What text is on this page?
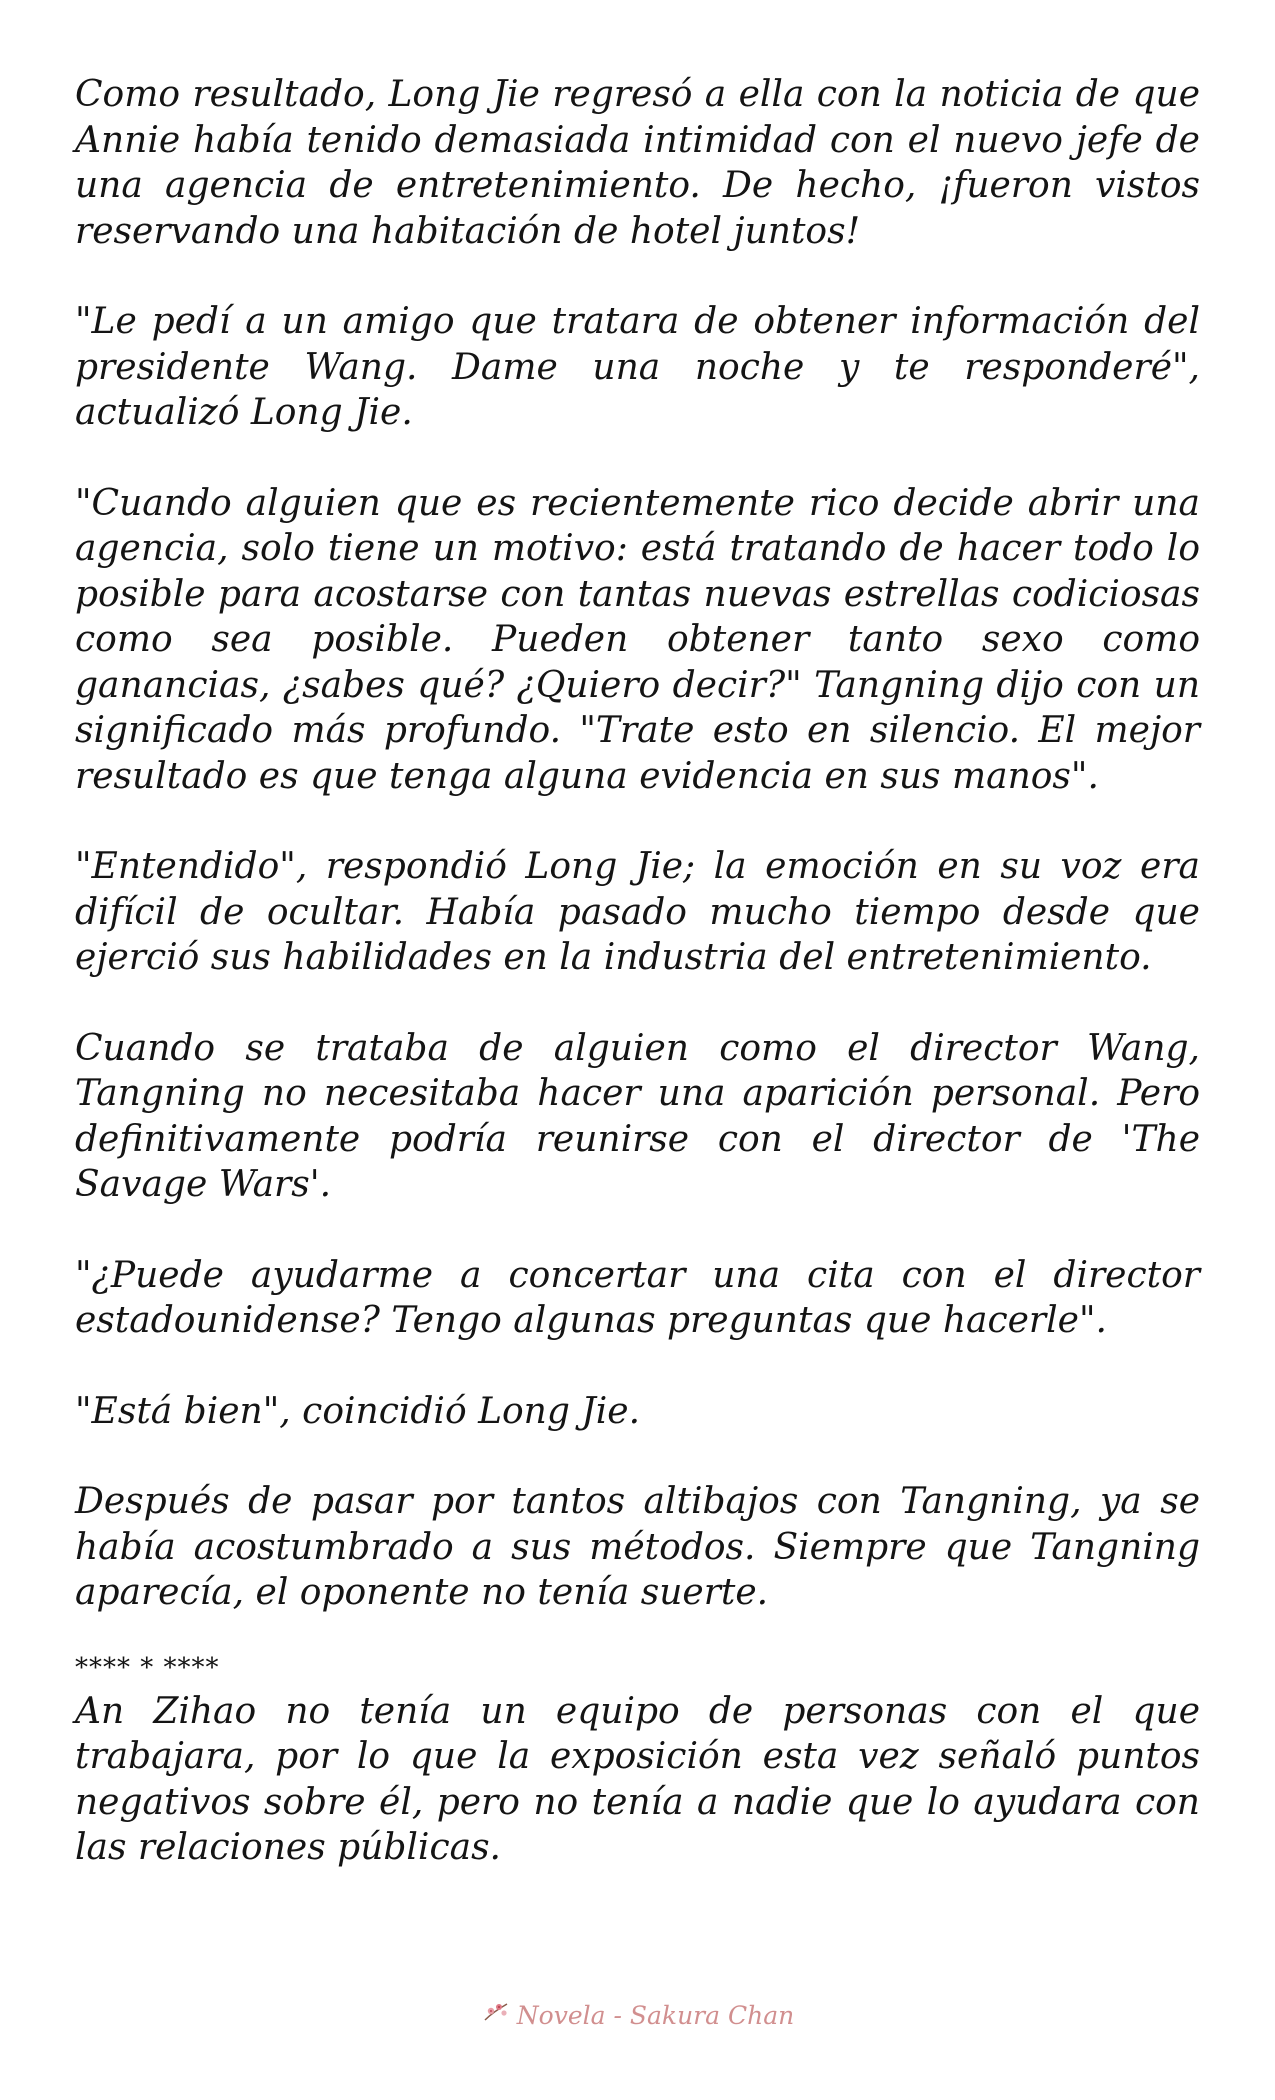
Como resultado, Long Jie regresó a ella con la noticia de que Annie había tenido demasiada intimidad con el nuevo jefe de una agencia de entretenimiento. De hecho, ¡fueron vistos reservando una habitación de hotel juntos!

"Le pedí a un amigo que tratara de obtener información del presidente Wang. Dame una noche y te responderé", actualizó Long Jie.

"Cuando alguien que es recientemente rico decide abrir una agencia, solo tiene un motivo: está tratando de hacer todo lo posible para acostarse con tantas nuevas estrellas codiciosas como sea posible. Pueden obtener tanto sexo como ganancias, ¿sabes qué? ¿Quiero decir?" Tangning dijo con un significado más profundo. "Trate esto en silencio. El mejor resultado es que tenga alguna evidencia en sus manos".

"Entendido", respondió Long Jie; la emoción en su voz era difícil de ocultar. Había pasado mucho tiempo desde que ejerció sus habilidades en la industria del entretenimiento.

Cuando se trataba de alguien como el director Wang, Tangning no necesitaba hacer una aparición personal. Pero definitivamente podría reunirse con el director de 'The Savage Wars'.

"¿Puede ayudarme a concertar una cita con el director estadounidense? Tengo algunas preguntas que hacerle".

"Está bien", coincidió Long Jie.

Después de pasar por tantos altibajos con Tangning, ya se había acostumbrado a sus métodos. Siempre que Tangning aparecía, el oponente no tenía suerte.

**** * ****

An Zihao no tenía un equipo de personas con el que trabajara, por lo que la exposición esta vez señaló puntos negativos sobre él, pero no tenía a nadie que lo ayudara con las relaciones públicas.

Novela - Sakura Chan
